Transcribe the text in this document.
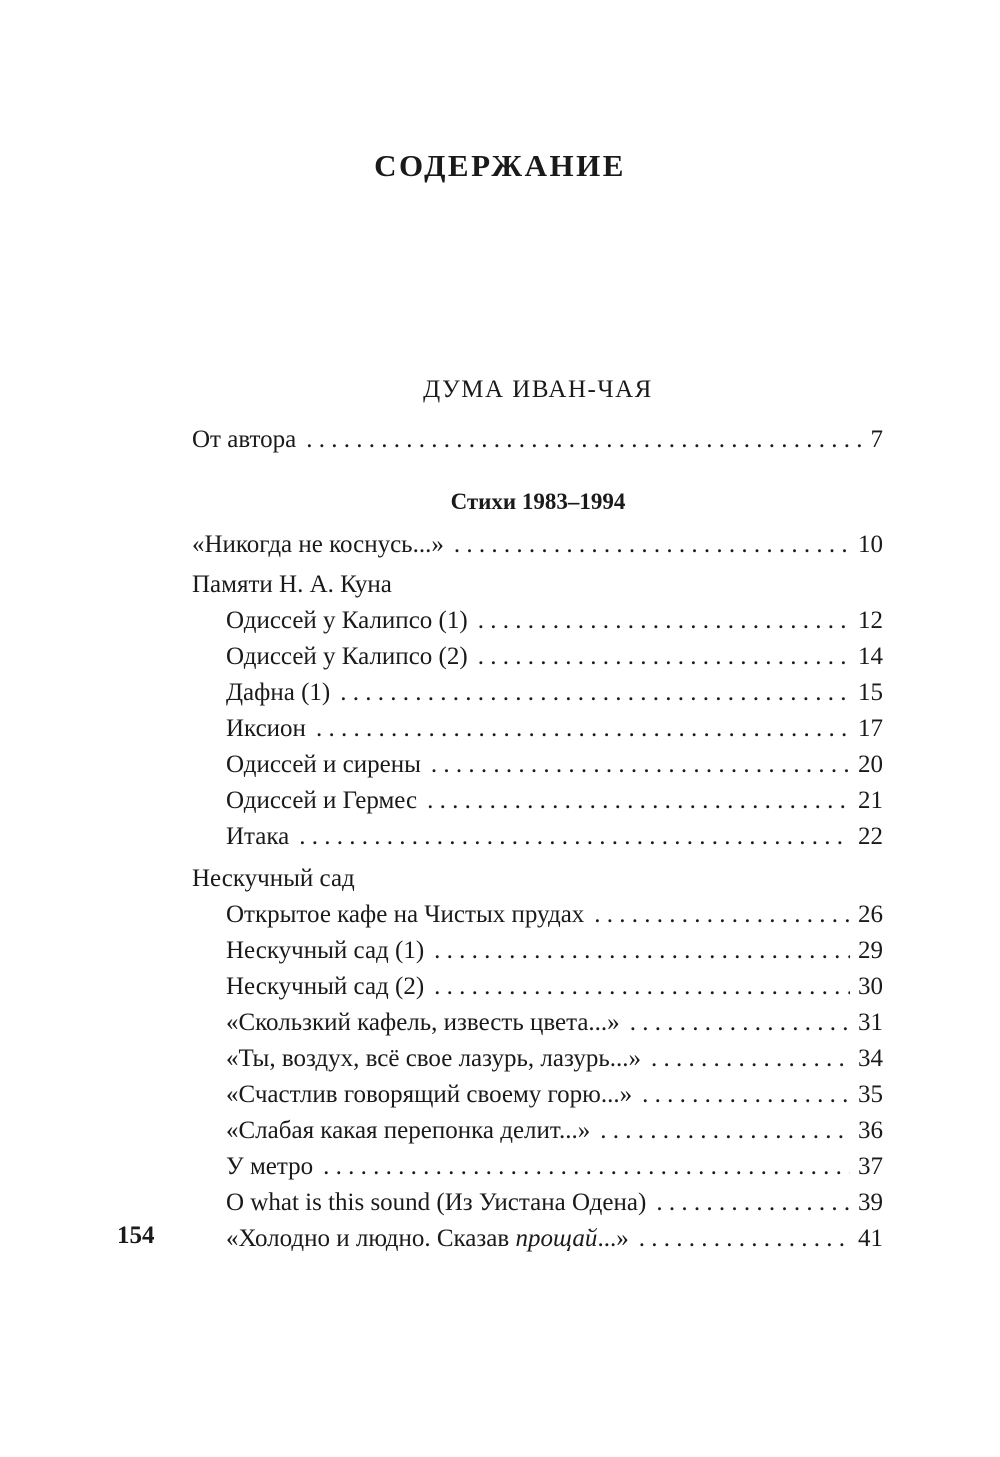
СОДЕРЖАНИЕ
ДУМА ИВАН-ЧАЯ
От автора . . .	7
Стихи 1983–1994
«Никогда не коснусь...» . . .	10
Памяти Н. А. Куна
Одиссей у Калипсо (1) . . .	12
Одиссей у Калипсо (2) . . .	14
Дафна (1) . . .	15
Иксион . . .	17
Одиссей и сирены . . .	20
Одиссей и Гермес . . .	21
Итака . . .	22
Нескучный сад
Открытое кафе на Чистых прудах . . .	26
Нескучный сад (1) . . .	29
Нескучный сад (2) . . .	30
«Скользкий кафель, известь цвета...» . . .	31
«Ты, воздух, всё свое лазурь, лазурь...» . . .	34
«Счастлив говорящий своему горю...» . . .	35
«Слабая какая перепонка делит...» . . .	36
У метро . . .	37
O what is this sound (Из Уистана Одена) . . .	39
«Холодно и людно. Сказав прощай...» . . .	41
154
